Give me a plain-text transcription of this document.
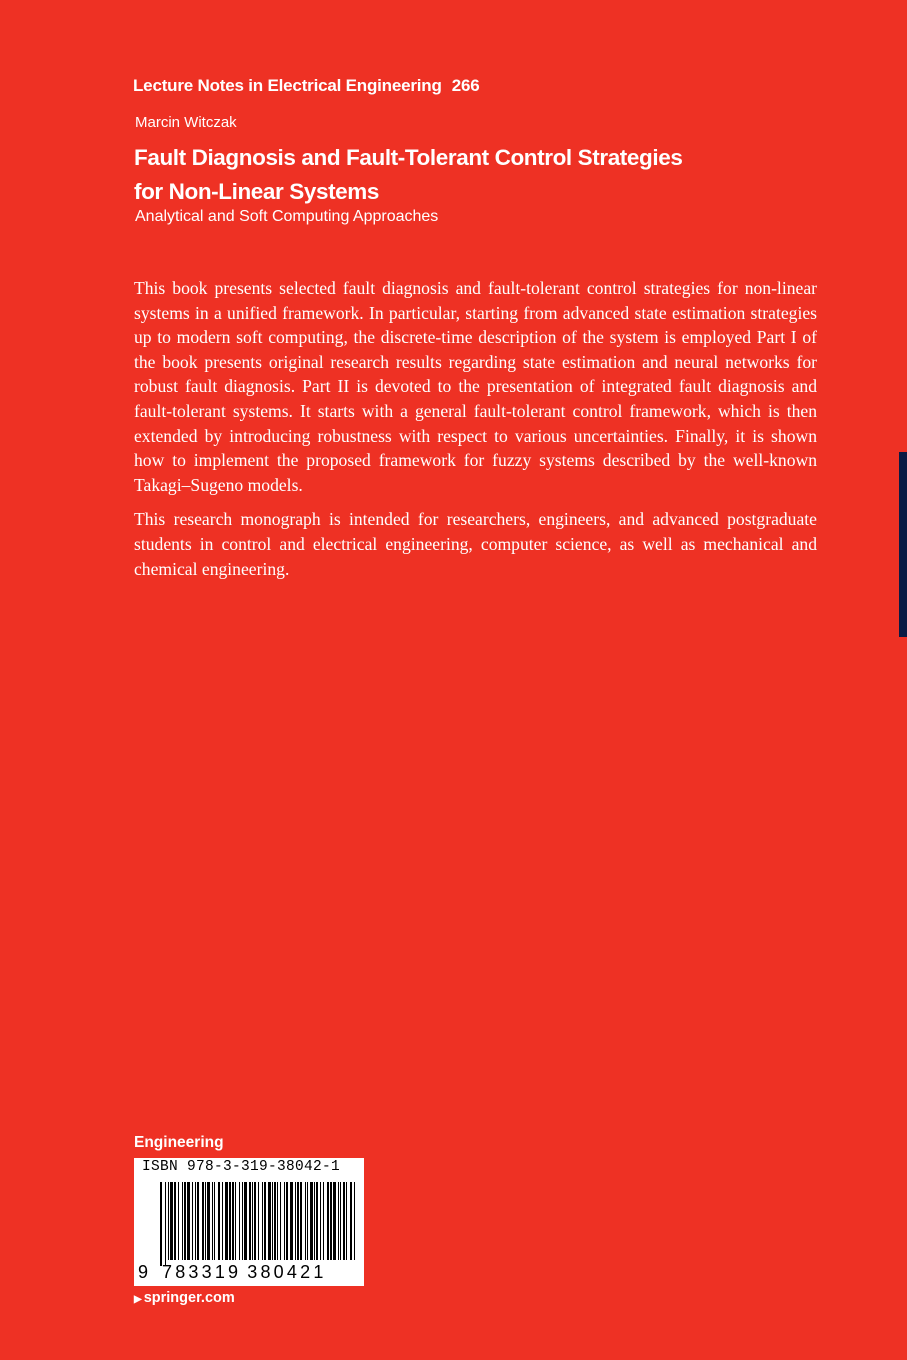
Lecture Notes in Electrical Engineering 266
Marcin Witczak
Fault Diagnosis and Fault-Tolerant Control Strategies
for Non-Linear Systems
Analytical and Soft Computing Approaches

This book presents selected fault diagnosis and fault-tolerant control strategies for non-linear systems in a unified framework. In particular, starting from advanced state estimation strategies up to modern soft computing, the discrete-time description of the system is employed Part I of the book presents original research results regarding state estimation and neural networks for robust fault diagnosis. Part II is devoted to the presentation of integrated fault diagnosis and fault-tolerant systems. It starts with a general fault-tolerant control framework, which is then extended by introducing robustness with respect to various uncertainties. Finally, it is shown how to implement the proposed framework for fuzzy systems described by the well-known Takagi–Sugeno models.

This research monograph is intended for researchers, engineers, and advanced postgraduate students in control and electrical engineering, computer science, as well as mechanical and chemical engineering.

Engineering
ISBN 978-3-319-38042-1
9 783319 380421
▶ springer.com
